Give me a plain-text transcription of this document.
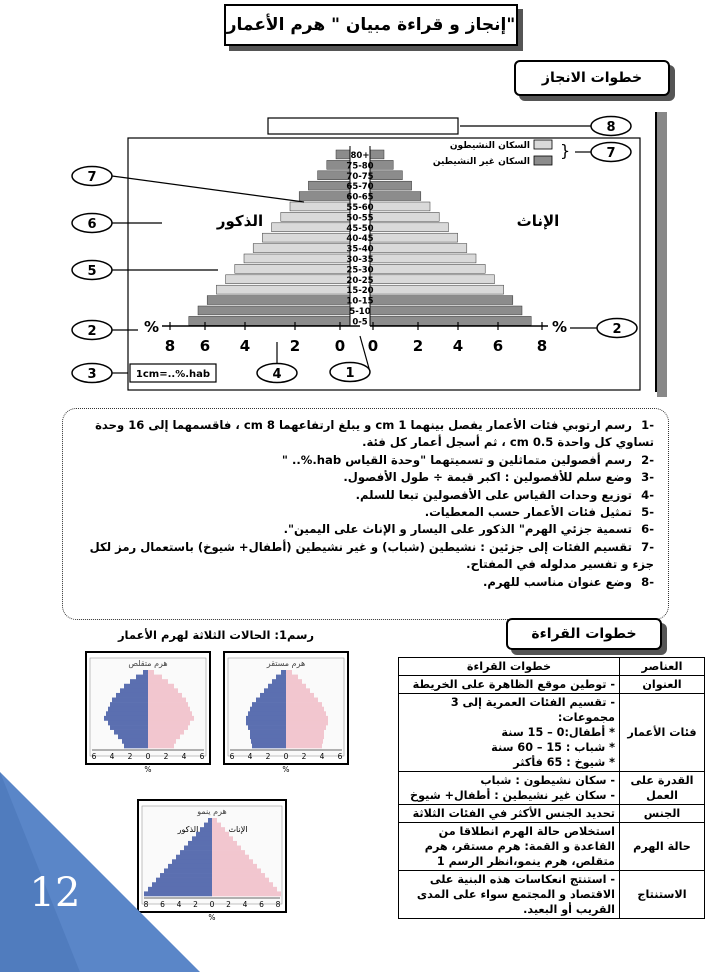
إنجاز و قراءة مبيان " هرم الأعمار"
خطوات الانجاز
80+
75-80
70-75
65-70
60-65
55-60
50-55
45-50
40-45
35-40
30-35
25-30
20-25
15-20
10-15
5-10
0-5
السكان النشيطون
السكان غير النشيطين
}
الذكور	الإناث
%	%
8 6 4	2 0 0 2 4 6 8
1cm=..%.hab	1
2	2
3	4
5
6
7
7
8
-1 رسم ارتوبي فئات الأعمار يفصل بينهما 1 cm و يبلغ ارتفاعهما 8 cm ، فاقسمهما إلى 16 وحدة تساوي كل واحدة 0.5 cm ، ثم أسجل أعمار كل فئة.
-2 رسم أفصولين متماثلين و تسميتهما "وحدة القياس hab.%.. "
-3 وضع سلم للأفصولين : اكبر قيمة ÷ طول الأفصول.
-4 توزيع وحدات القياس على الأفصولين تبعا للسلم.
-5 تمثيل فئات الأعمار حسب المعطيات.
-6 تسمية جزئي الهرم" الذكور على اليسار و الإناث على اليمين".
-7 تقسيم الفئات إلى جزئين : نشيطين (شباب) و غير نشيطين (أطفال+ شيوخ) باستعمال رمز لكل جزء و تفسير مدلوله في المفتاح.
-8 وضع عنوان مناسب للهرم.
خطوات القراءة
رسم1: الحالات الثلاثة لهرم الأعمار
هرم متقلص
6 4 2 0 2 4 6
%
هرم مستقر
6 4 2 0 2 4 6
%
هرم ينمو
الذكور	الإناث
8 6 4 2 0 2 4 6 8
%
العناصر	خطوات القراءة
العنوان	- توطين موقع الظاهرة على الخريطة

فئات الأعمار	- تقسيم الفئات العمرية إلى 3 مجموعات:
* أطفال:0 – 15 سنة
* شباب : 15 – 60 سنة
* شيوخ : 65 فأكثر

القدرة على العمل	- سكان نشيطون : شباب
- سكان غير نشيطين : أطفال+ شيوخ

الجنس	تحديد الجنس الأكثر في الفئات الثلاثة

حالة الهرم	استخلاص حالة الهرم انطلاقا من القاعدة و القمة: هرم مستقر، هرم متقلص، هرم ينمو،انظر الرسم 1

الاستنتاج	- استنتج انعكاسات هذه البنية على الاقتصاد و المجتمع سواء على المدى القريب أو البعيد.
12
